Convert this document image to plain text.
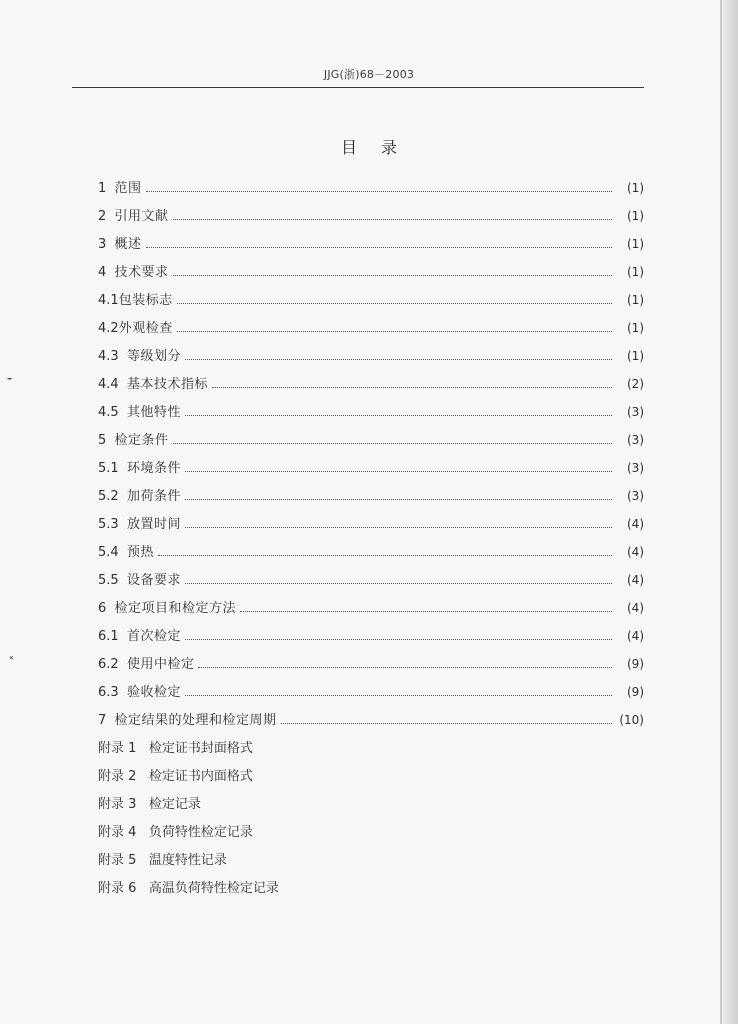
JJG(浙)68－2003
目 录
1 范围	(1)
2 引用文献	(1)
3 概述	(1)
4 技术要求	(1)
4.1 包装标志	(1)
4.2 外观检查	(1)
4.3 等级划分	(1)
4.4 基本技术指标	(2)
4.5 其他特性	(3)
5 检定条件	(3)
5.1 环境条件	(3)
5.2 加荷条件	(3)
5.3 放置时间	(4)
5.4 预热	(4)
5.5 设备要求	(4)
6 检定项目和检定方法	(4)
6.1 首次检定	(4)
6.2 使用中检定	(9)
6.3 验收检定	(9)
7 检定结果的处理和检定周期	(10)
附录 1 检定证书封面格式
附录 2 检定证书内面格式
附录 3 检定记录
附录 4 负荷特性检定记录
附录 5 温度特性记录
附录 6 高温负荷特性检定记录
⁃
˟
